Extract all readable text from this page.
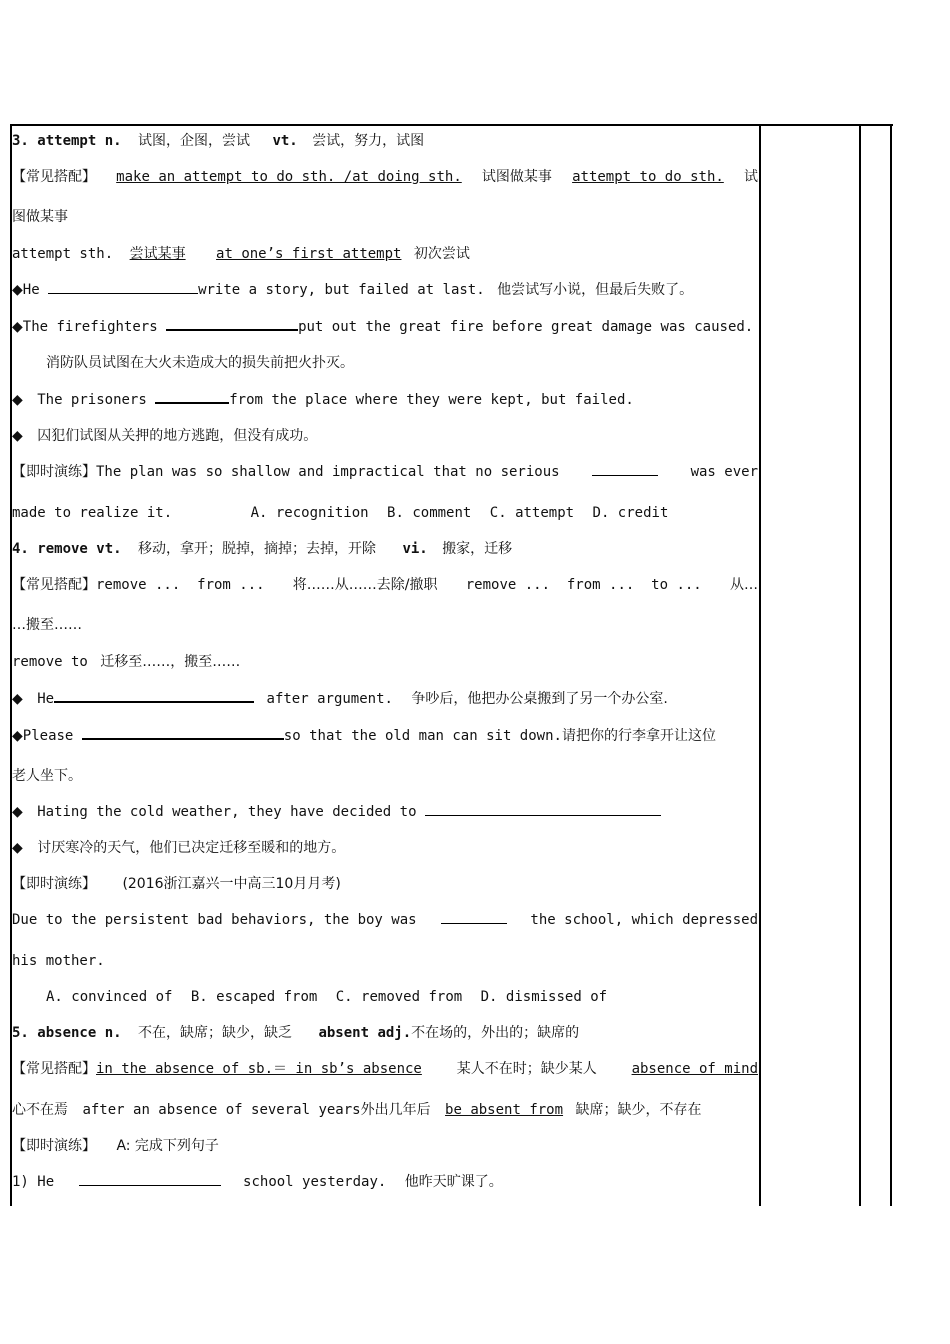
3. attempt n. 试图，企图，尝试 vt. 尝试，努力，试图
【常见搭配】 make an attempt to do sth. /at doing sth. 试图做某事 attempt to do sth. 试
图做某事
attempt sth. 尝试某事 at one’s first attempt 初次尝试
◆He	write a story, but failed at last. 他尝试写小说，但最后失败了。
◆The firefighters	put out the great fire before great damage was caused.
消防队员试图在大火未造成大的损失前把火扑灭。
◆ The prisoners	from the place where they were kept, but failed.
◆ 囚犯们试图从关押的地方逃跑，但没有成功。
【即时演练】The plan was so shallow and impractical that no serious	was ever
made to realize it.	A. recognition B. comment C. attempt D. credit
4. remove vt. 移动，拿开；脱掉，摘掉；去掉，开除 vi. 搬家，迁移
【常见搭配】remove ...  from ... 将……从……去除/撤职 remove ...  from ...  to ... 从…
…搬至……
remove to 迁移至……，搬至……
◆ He	after argument. 争吵后，他把办公桌搬到了另一个办公室.
◆Please	so that the old man can sit down.请把你的行李拿开让这位
老人坐下。
◆ Hating the cold weather, they have decided to
◆ 讨厌寒冷的天气，他们已决定迁移至暖和的地方。
【即时演练】 (2016浙江嘉兴一中高三10月月考)
Due to the persistent bad behaviors, the boy was	the school, which depressed
his mother.
A. convinced of B. escaped from C. removed from D. dismissed of
5. absence n. 不在，缺席；缺少，缺乏 absent adj.不在场的，外出的；缺席的
【常见搭配】in the absence of sb.＝ in sb’s absence 某人不在时；缺少某人 absence of mind
心不在焉 after an absence of several years外出几年后 be absent from 缺席；缺少，不存在
【即时演练】 A: 完成下列句子
1) He	school yesterday. 他昨天旷课了。
